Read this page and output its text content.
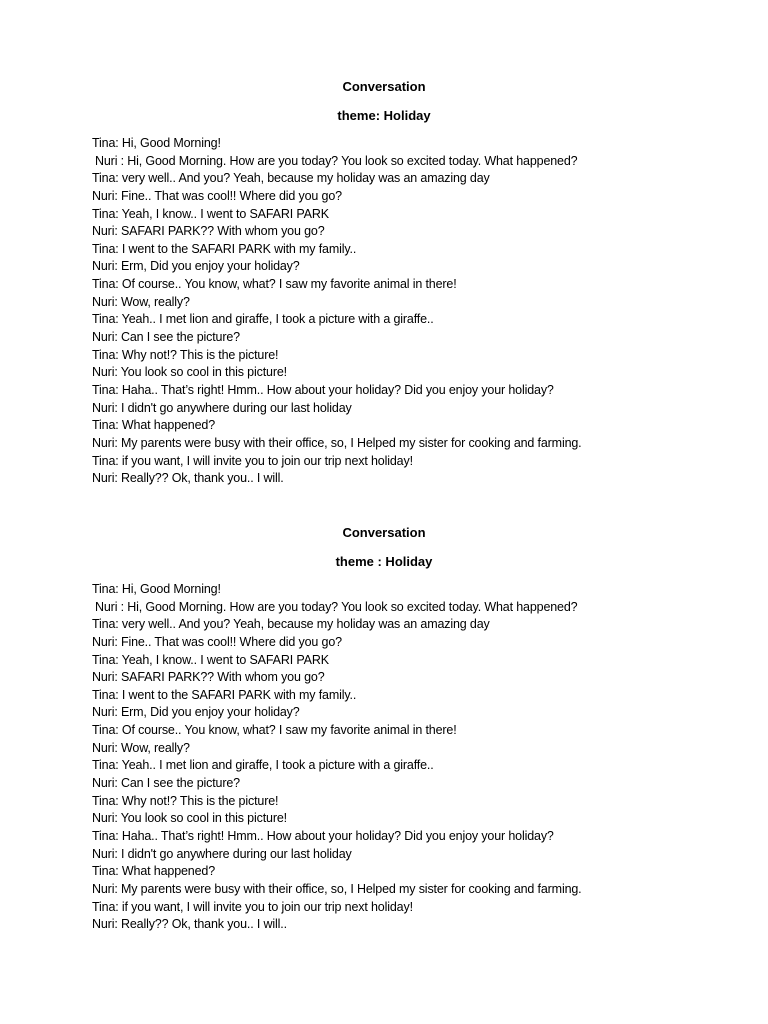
Conversation
theme: Holiday
Tina: Hi, Good Morning!
Nuri : Hi, Good Morning. How are you today? You look so excited today. What happened?
Tina: very well.. And you? Yeah, because my holiday was an amazing day
Nuri: Fine.. That was cool!! Where did you go?
Tina: Yeah, I know.. I went to SAFARI PARK
Nuri: SAFARI PARK?? With whom you go?
Tina: I went to the SAFARI PARK with my family..
Nuri: Erm, Did you enjoy your holiday?
Tina: Of course.. You know, what? I saw my favorite animal in there!
Nuri: Wow, really?
Tina: Yeah.. I met lion and giraffe, I took a picture with a giraffe..
Nuri: Can I see the picture?
Tina: Why not!? This is the picture!
Nuri: You look so cool in this picture!
Tina: Haha.. That’s right! Hmm.. How about your holiday? Did you enjoy your holiday?
Nuri: I didn't go anywhere during our last holiday
Tina: What happened?
Nuri: My parents were busy with their office, so, I Helped my sister for cooking and farming.
Tina: if you want, I will invite you to join our trip next holiday!
Nuri: Really?? Ok, thank you.. I will.
Conversation
theme : Holiday
Tina: Hi, Good Morning!
Nuri : Hi, Good Morning. How are you today? You look so excited today. What happened?
Tina: very well.. And you? Yeah, because my holiday was an amazing day
Nuri: Fine.. That was cool!! Where did you go?
Tina: Yeah, I know.. I went to SAFARI PARK
Nuri: SAFARI PARK?? With whom you go?
Tina: I went to the SAFARI PARK with my family..
Nuri: Erm, Did you enjoy your holiday?
Tina: Of course.. You know, what? I saw my favorite animal in there!
Nuri: Wow, really?
Tina: Yeah.. I met lion and giraffe, I took a picture with a giraffe..
Nuri: Can I see the picture?
Tina: Why not!? This is the picture!
Nuri: You look so cool in this picture!
Tina: Haha.. That’s right! Hmm.. How about your holiday? Did you enjoy your holiday?
Nuri: I didn't go anywhere during our last holiday
Tina: What happened?
Nuri: My parents were busy with their office, so, I Helped my sister for cooking and farming.
Tina: if you want, I will invite you to join our trip next holiday!
Nuri: Really?? Ok, thank you.. I will..
